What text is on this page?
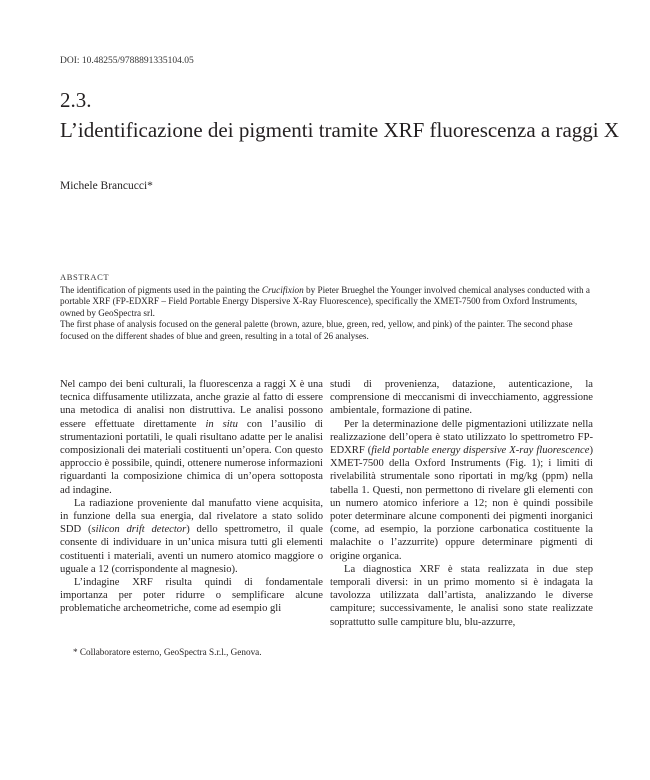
DOI: 10.48255/9788891335104.05
2.3.
L’identificazione dei pigmenti tramite XRF fluorescenza a raggi X
Michele Brancucci*
ABSTRACT

The identification of pigments used in the painting the Crucifixion by Pieter Brueghel the Younger involved chemical analyses conducted with a portable XRF (FP-EDXRF – Field Portable Energy Dispersive X-Ray Fluorescence), specifically the XMET-7500 from Oxford Instruments, owned by GeoSpectra srl.

The first phase of analysis focused on the general palette (brown, azure, blue, green, red, yellow, and pink) of the painter. The second phase focused on the different shades of blue and green, resulting in a total of 26 analyses.

Nel campo dei beni culturali, la fluorescenza a raggi X è una tecnica diffusamente utilizzata, anche grazie al fatto di essere una metodica di analisi non distruttiva. Le analisi possono essere effettuate direttamente in situ con l’ausilio di strumentazioni portatili, le quali risultano adatte per le analisi composizionali dei materiali costituenti un’opera. Con questo approccio è possibile, quindi, ottenere numerose informazioni riguardanti la composizione chimica di un’opera sottoposta ad indagine.

La radiazione proveniente dal manufatto viene acquisita, in funzione della sua energia, dal rivelatore a stato solido SDD (silicon drift detector) dello spettrometro, il quale consente di individuare in un’unica misura tutti gli elementi costituenti i materiali, aventi un numero atomico maggiore o uguale a 12 (corrispondente al magnesio).

L’indagine XRF risulta quindi di fondamentale importanza per poter ridurre o semplificare alcune problematiche archeometriche, come ad esempio gli

studi di provenienza, datazione, autenticazione, la comprensione di meccanismi di invecchiamento, aggressione ambientale, formazione di patine.

Per la determinazione delle pigmentazioni utilizzate nella realizzazione dell’opera è stato utilizzato lo spettrometro FP-EDXRF (field portable energy dispersive X-ray fluorescence) XMET-7500 della Oxford Instruments (Fig. 1); i limiti di rivelabilità strumentale sono riportati in mg/kg (ppm) nella tabella 1. Questi, non permettono di rivelare gli elementi con un numero atomico inferiore a 12; non è quindi possibile poter determinare alcune componenti dei pigmenti inorganici (come, ad esempio, la porzione carbonatica costituente la malachite o l’azzurrite) oppure determinare pigmenti di origine organica.

La diagnostica XRF è stata realizzata in due step temporali diversi: in un primo momento si è indagata la tavolozza utilizzata dall’artista, analizzando le diverse campiture; successivamente, le analisi sono state realizzate soprattutto sulle campiture blu, blu-azzurre,

* Collaboratore esterno, GeoSpectra S.r.l., Genova.
